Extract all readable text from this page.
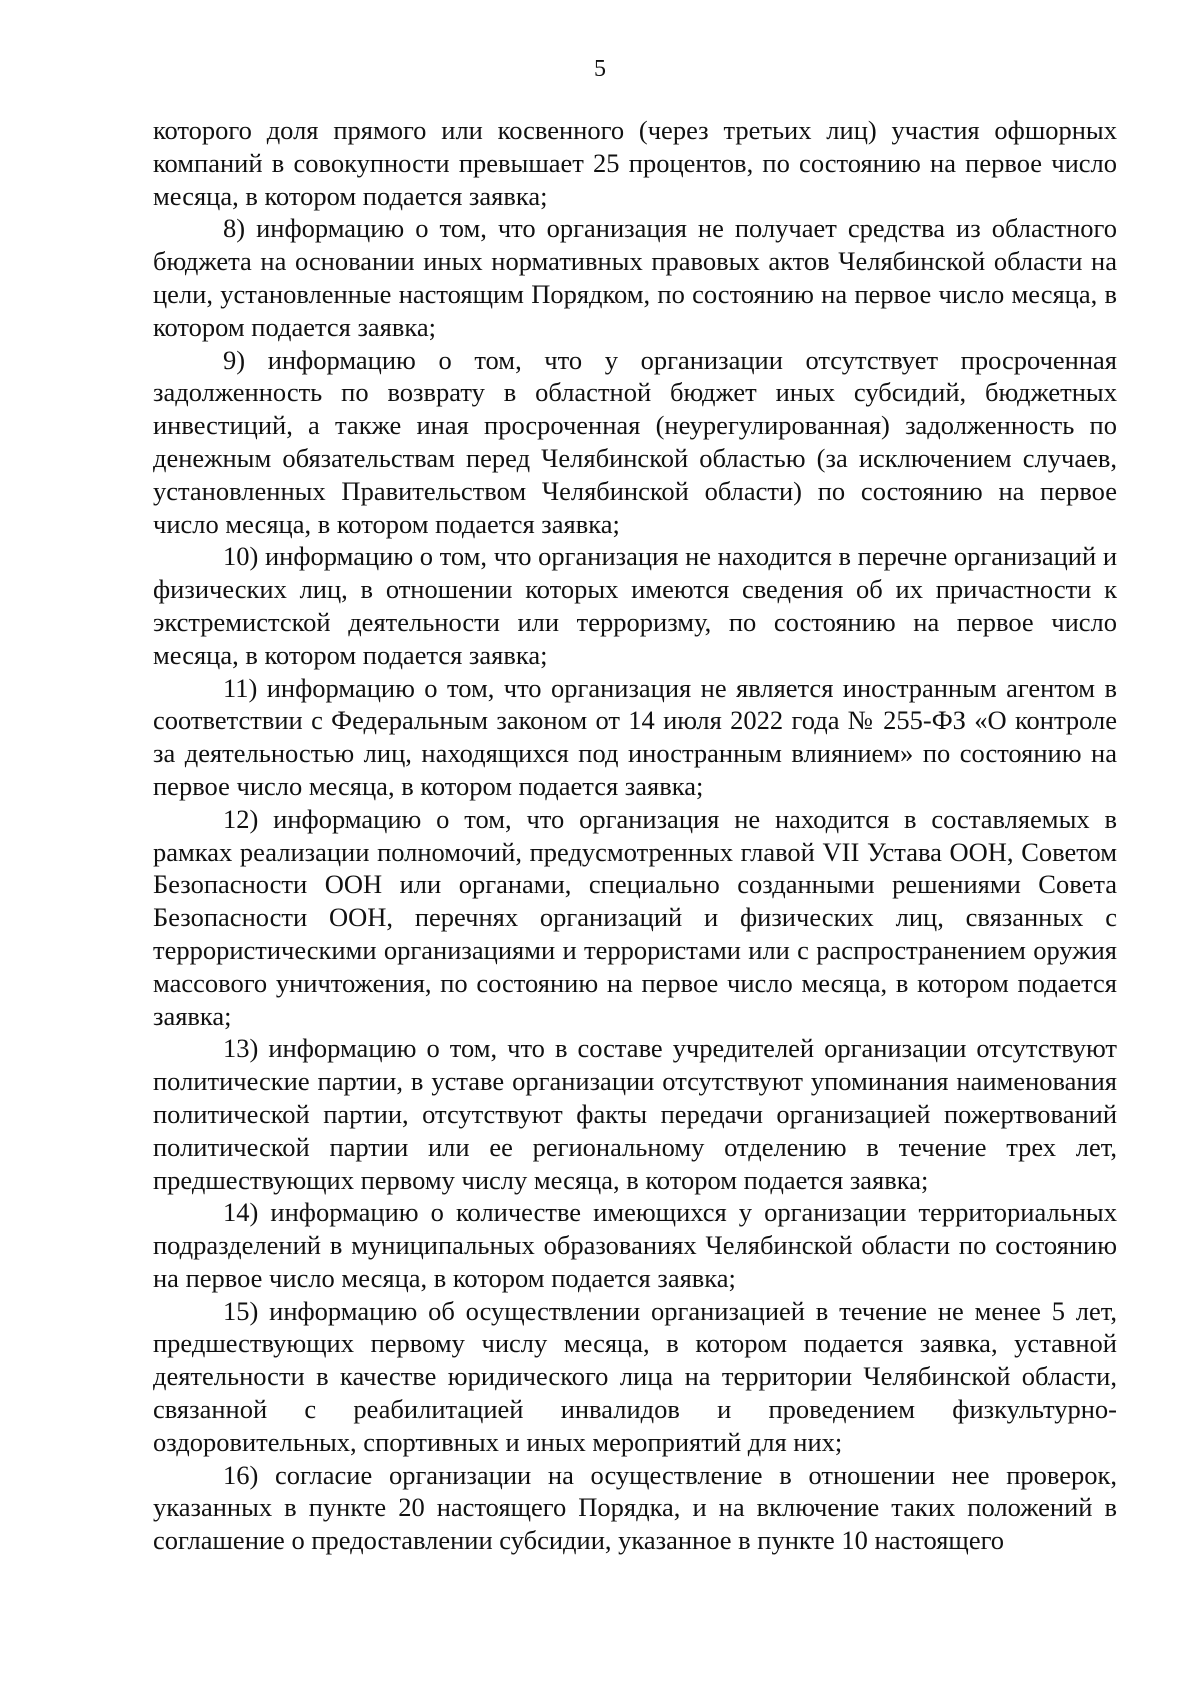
5

которого доля прямого или косвенного (через третьих лиц) участия офшорных компаний в совокупности превышает 25 процентов, по состоянию на первое число месяца, в котором подается заявка;

8) информацию о том, что организация не получает средства из областного бюджета на основании иных нормативных правовых актов Челябинской области на цели, установленные настоящим Порядком, по состоянию на первое число месяца, в котором подается заявка;

9) информацию о том, что у организации отсутствует просроченная задолженность по возврату в областной бюджет иных субсидий, бюджетных инвестиций, а также иная просроченная (неурегулированная) задолженность по денежным обязательствам перед Челябинской областью (за исключением случаев, установленных Правительством Челябинской области) по состоянию на первое число месяца, в котором подается заявка;

10) информацию о том, что организация не находится в перечне организаций и физических лиц, в отношении которых имеются сведения об их причастности к экстремистской деятельности или терроризму, по состоянию на первое число месяца, в котором подается заявка;

11) информацию о том, что организация не является иностранным агентом в соответствии с Федеральным законом от 14 июля 2022 года № 255-ФЗ «О контроле за деятельностью лиц, находящихся под иностранным влиянием» по состоянию на первое число месяца, в котором подается заявка;

12) информацию о том, что организация не находится в составляемых в рамках реализации полномочий, предусмотренных главой VII Устава ООН, Советом Безопасности ООН или органами, специально созданными решениями Совета Безопасности ООН, перечнях организаций и физических лиц, связанных с террористическими организациями и террористами или с распространением оружия массового уничтожения, по состоянию на первое число месяца, в котором подается заявка;

13) информацию о том, что в составе учредителей организации отсутствуют политические партии, в уставе организации отсутствуют упоминания наименования политической партии, отсутствуют факты передачи организацией пожертвований политической партии или ее региональному отделению в течение трех лет, предшествующих первому числу месяца, в котором подается заявка;

14) информацию о количестве имеющихся у организации территориальных подразделений в муниципальных образованиях Челябинской области по состоянию на первое число месяца, в котором подается заявка;

15) информацию об осуществлении организацией в течение не менее 5 лет, предшествующих первому числу месяца, в котором подается заявка, уставной деятельности в качестве юридического лица на территории Челябинской области, связанной с реабилитацией инвалидов и проведением физкультурно-оздоровительных, спортивных и иных мероприятий для них;

16) согласие организации на осуществление в отношении нее проверок, указанных в пункте 20 настоящего Порядка, и на включение таких положений в соглашение о предоставлении субсидии, указанное в пункте 10 настоящего
